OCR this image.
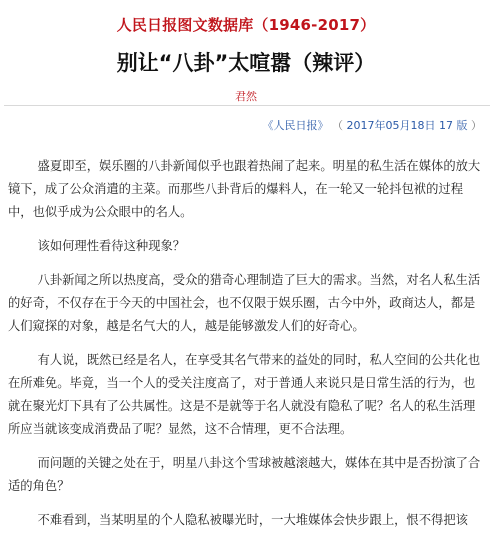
人民日报图文数据库（1946-2017）
别让“八卦”太喧嚣（辣评）
君然
《人民日报》 （ 2017年05月18日 17 版 ）

盛夏即至，娱乐圈的八卦新闻似乎也跟着热闹了起来。明星的私生活在媒体的放大镜下，成了公众消遣的主菜。而那些八卦背后的爆料人，在一轮又一轮抖包袱的过程中，也似乎成为公众眼中的名人。

该如何理性看待这种现象？

八卦新闻之所以热度高，受众的猎奇心理制造了巨大的需求。当然，对名人私生活的好奇，不仅存在于今天的中国社会，也不仅限于娱乐圈，古今中外，政商达人，都是人们窥探的对象，越是名气大的人，越是能够激发人们的好奇心。

有人说，既然已经是名人，在享受其名气带来的益处的同时，私人空间的公共化也在所难免。毕竟，当一个人的受关注度高了，对于普通人来说只是日常生活的行为，也就在聚光灯下具有了公共属性。这是不是就等于名人就没有隐私了呢？名人的私生活理所应当就该变成消费品了呢？显然，这不合情理，更不合法理。

而问题的关键之处在于，明星八卦这个雪球被越滚越大，媒体在其中是否扮演了合适的角色？

不难看到，当某明星的个人隐私被曝光时，一大堆媒体会快步跟上，恨不得把该
